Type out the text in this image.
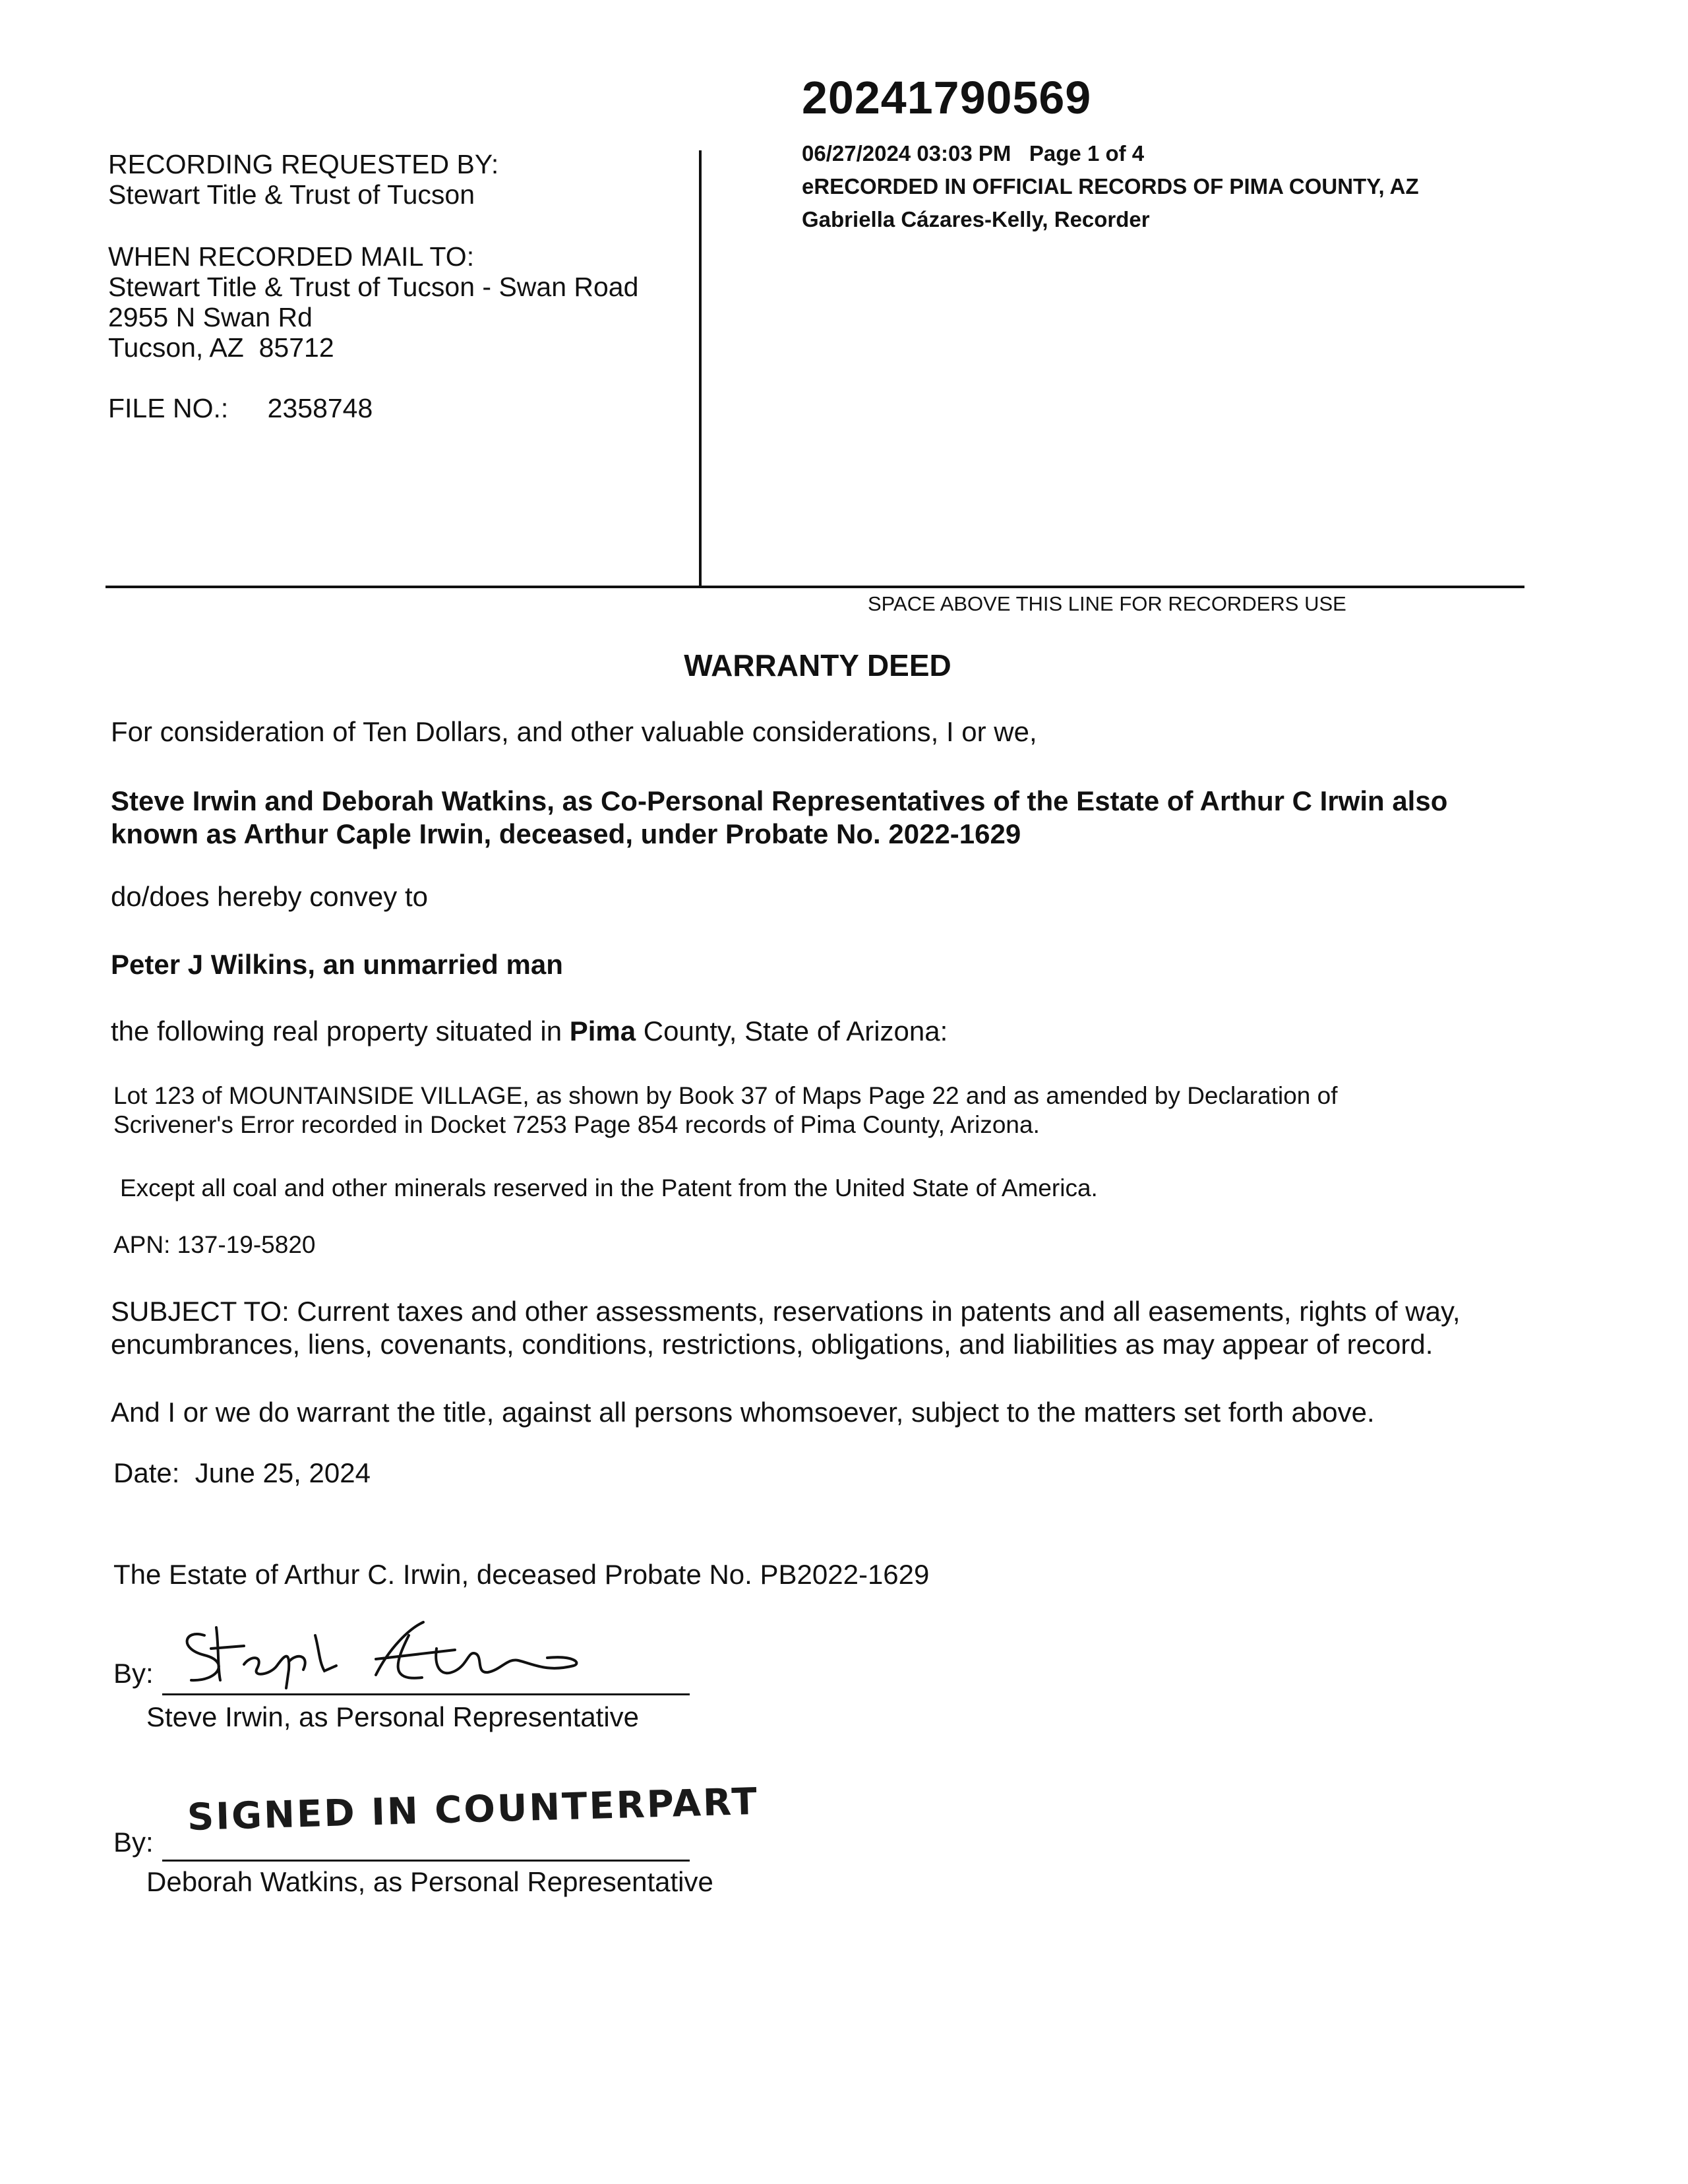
20241790569
06/27/2024 03:03 PM   Page 1 of 4
eRECORDED IN OFFICIAL RECORDS OF PIMA COUNTY, AZ
Gabriella Cázares-Kelly, Recorder
RECORDING REQUESTED BY:
Stewart Title & Trust of Tucson
WHEN RECORDED MAIL TO:
Stewart Title & Trust of Tucson - Swan Road
2955 N Swan Rd
Tucson, AZ  85712
FILE NO.: 2358748
SPACE ABOVE THIS LINE FOR RECORDERS USE
WARRANTY DEED
For consideration of Ten Dollars, and other valuable considerations, I or we,
Steve Irwin and Deborah Watkins, as Co-Personal Representatives of the Estate of Arthur C Irwin also
known as Arthur Caple Irwin, deceased, under Probate No. 2022-1629
do/does hereby convey to
Peter J Wilkins, an unmarried man
the following real property situated in Pima County, State of Arizona:
Lot 123 of MOUNTAINSIDE VILLAGE, as shown by Book 37 of Maps Page 22 and as amended by Declaration of
Scrivener's Error recorded in Docket 7253 Page 854 records of Pima County, Arizona.
Except all coal and other minerals reserved in the Patent from the United State of America.
APN: 137-19-5820
SUBJECT TO: Current taxes and other assessments, reservations in patents and all easements, rights of way,
encumbrances, liens, covenants, conditions, restrictions, obligations, and liabilities as may appear of record.
And I or we do warrant the title, against all persons whomsoever, subject to the matters set forth above.
Date:  June 25, 2024
The Estate of Arthur C. Irwin, deceased Probate No. PB2022-1629
By:
Steve Irwin, as Personal Representative
By:
SIGNED IN COUNTERPART
Deborah Watkins, as Personal Representative
